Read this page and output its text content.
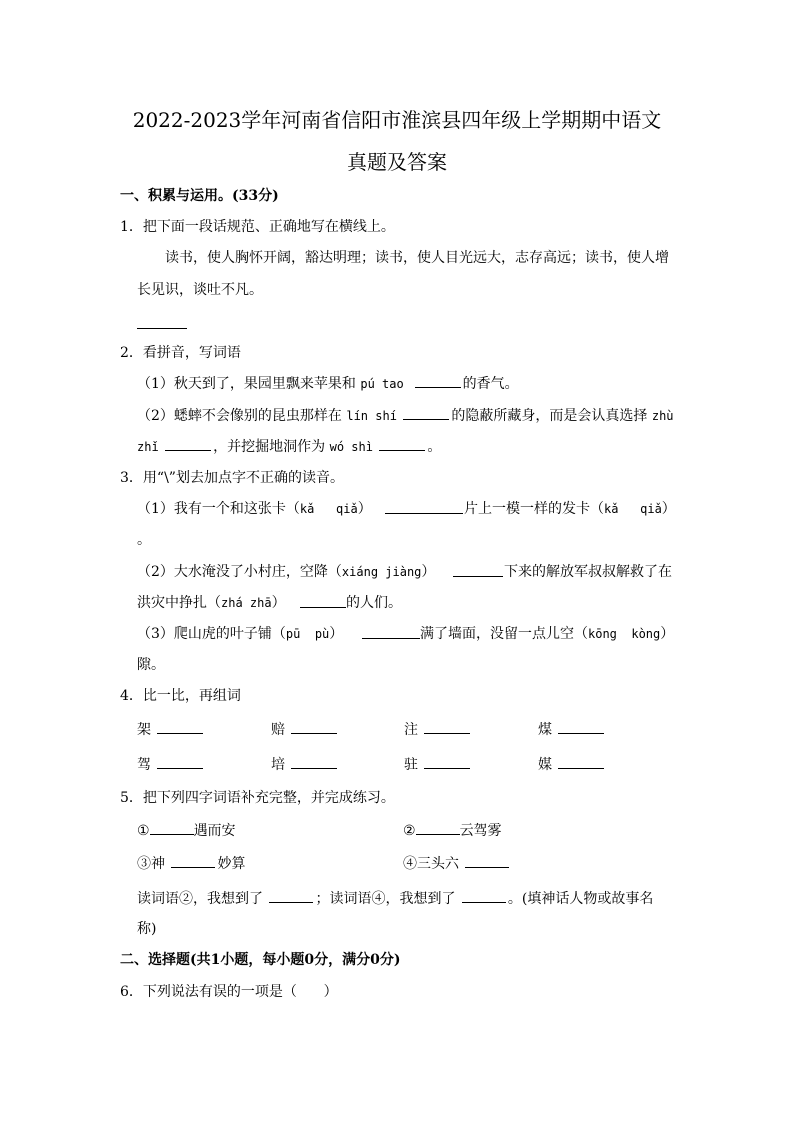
2022-2023学年河南省信阳市淮滨县四年级上学期期中语文
真题及答案
一、积累与运用。(33分)
1．把下面一段话规范、正确地写在横线上。
读书，使人胸怀开阔，豁达明理；读书，使人目光远大，志存高远；读书，使人增
长见识，谈吐不凡。
2．看拼音，写词语
（1）秋天到了，果园里飘来苹果和 pú tao	的香气。
（2）蟋蟀不会像别的昆虫那样在 lín shí	的隐蔽所藏身，而是会认真选择 zhù
zhǐ	，并挖掘地洞作为 wó shì	。
3．用“\”划去加点字不正确的读音。
（1）我有一个和这张卡（kǎ   qiǎ）	片上一模一样的发卡（kǎ   qiǎ）
。
（2）大水淹没了小村庄，空降（xiáng jiàng）	下来的解放军叔叔解救了在
洪灾中挣扎（zhá zhā）	的人们。
（3）爬山虎的叶子铺（pū  pù）	满了墙面，没留一点儿空（kōng  kòng）
隙。
4．比一比，再组词
架	赔	注	煤
驾	培	驻	媒
5．把下列四字词语补充完整，并完成练习。
①	遇而安	②	云驾雾
③神	妙算	④三头六
读词语②，我想到了	；读词语④，我想到了	。(填神话人物或故事名
称)
二、选择题(共1小题，每小题0分，满分0分)
6．下列说法有误的一项是（      ）
